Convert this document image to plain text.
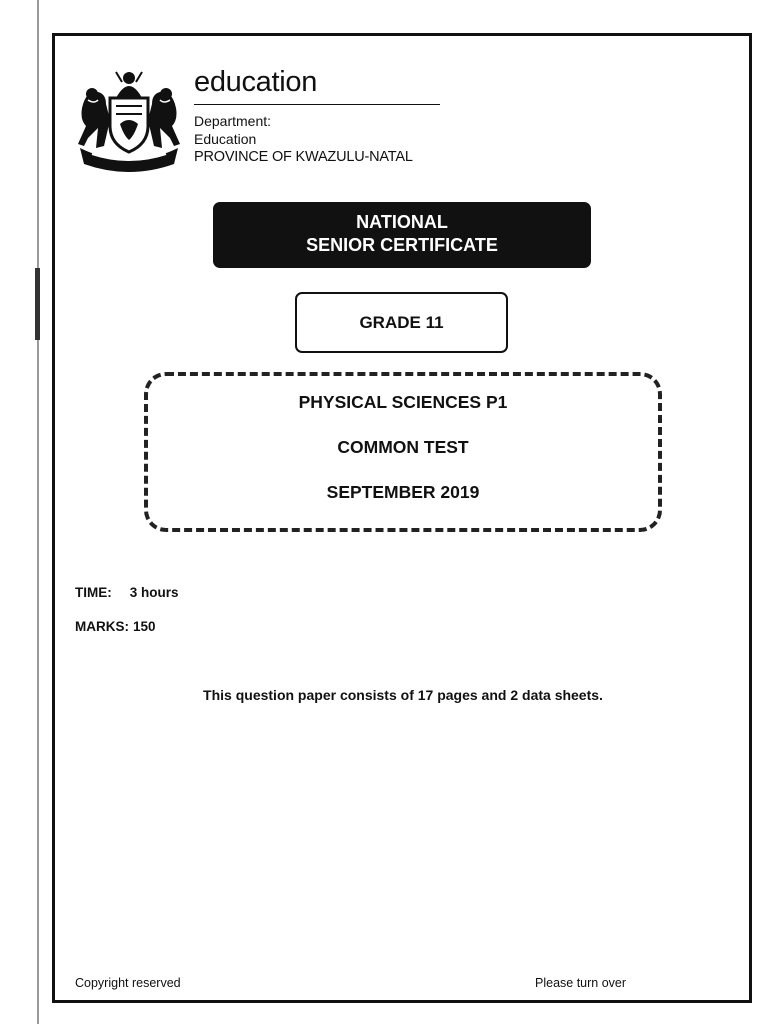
education
Department:
Education
PROVINCE OF KWAZULU-NATAL
NATIONAL
SENIOR CERTIFICATE
GRADE 11
PHYSICAL SCIENCES P1
COMMON TEST
SEPTEMBER 2019
TIME: 3 hours
MARKS: 150
This question paper consists of 17 pages and 2 data sheets.
Copyright reserved	Please turn over
